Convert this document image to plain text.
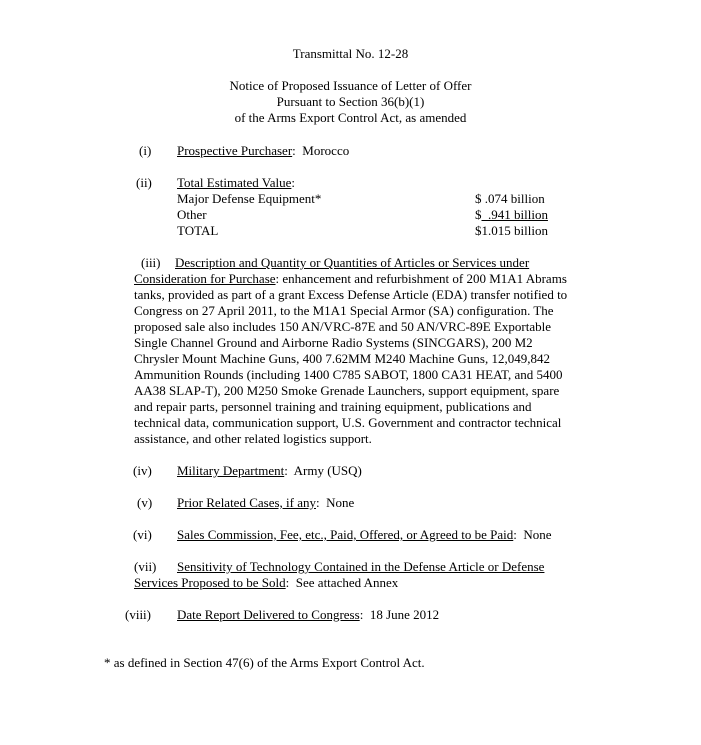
Transmittal No. 12-28
Notice of Proposed Issuance of Letter of Offer
Pursuant to Section 36(b)(1)
of the Arms Export Control Act, as amended
(i) Prospective Purchaser:  Morocco
(ii) Total Estimated Value:
Major Defense Equipment*	$ .074 billion
Other	$  .941 billion
TOTAL	$1.015 billion
(iii) Description and Quantity or Quantities of Articles or Services under
Consideration for Purchase: enhancement and refurbishment of 200 M1A1 Abrams
tanks, provided as part of a grant Excess Defense Article (EDA) transfer notified to
Congress on 27 April 2011, to the M1A1 Special Armor (SA) configuration. The
proposed sale also includes 150 AN/VRC-87E and 50 AN/VRC-89E Exportable
Single Channel Ground and Airborne Radio Systems (SINCGARS), 200 M2
Chrysler Mount Machine Guns, 400 7.62MM M240 Machine Guns, 12,049,842
Ammunition Rounds (including 1400 C785 SABOT, 1800 CA31 HEAT, and 5400
AA38 SLAP-T), 200 M250 Smoke Grenade Launchers, support equipment, spare
and repair parts, personnel training and training equipment, publications and
technical data, communication support, U.S. Government and contractor technical
assistance, and other related logistics support.
(iv) Military Department:  Army (USQ)
(v) Prior Related Cases, if any:  None
(vi) Sales Commission, Fee, etc., Paid, Offered, or Agreed to be Paid:  None
(vii) Sensitivity of Technology Contained in the Defense Article or Defense
Services Proposed to be Sold:  See attached Annex
(viii) Date Report Delivered to Congress:  18 June 2012
* as defined in Section 47(6) of the Arms Export Control Act.
